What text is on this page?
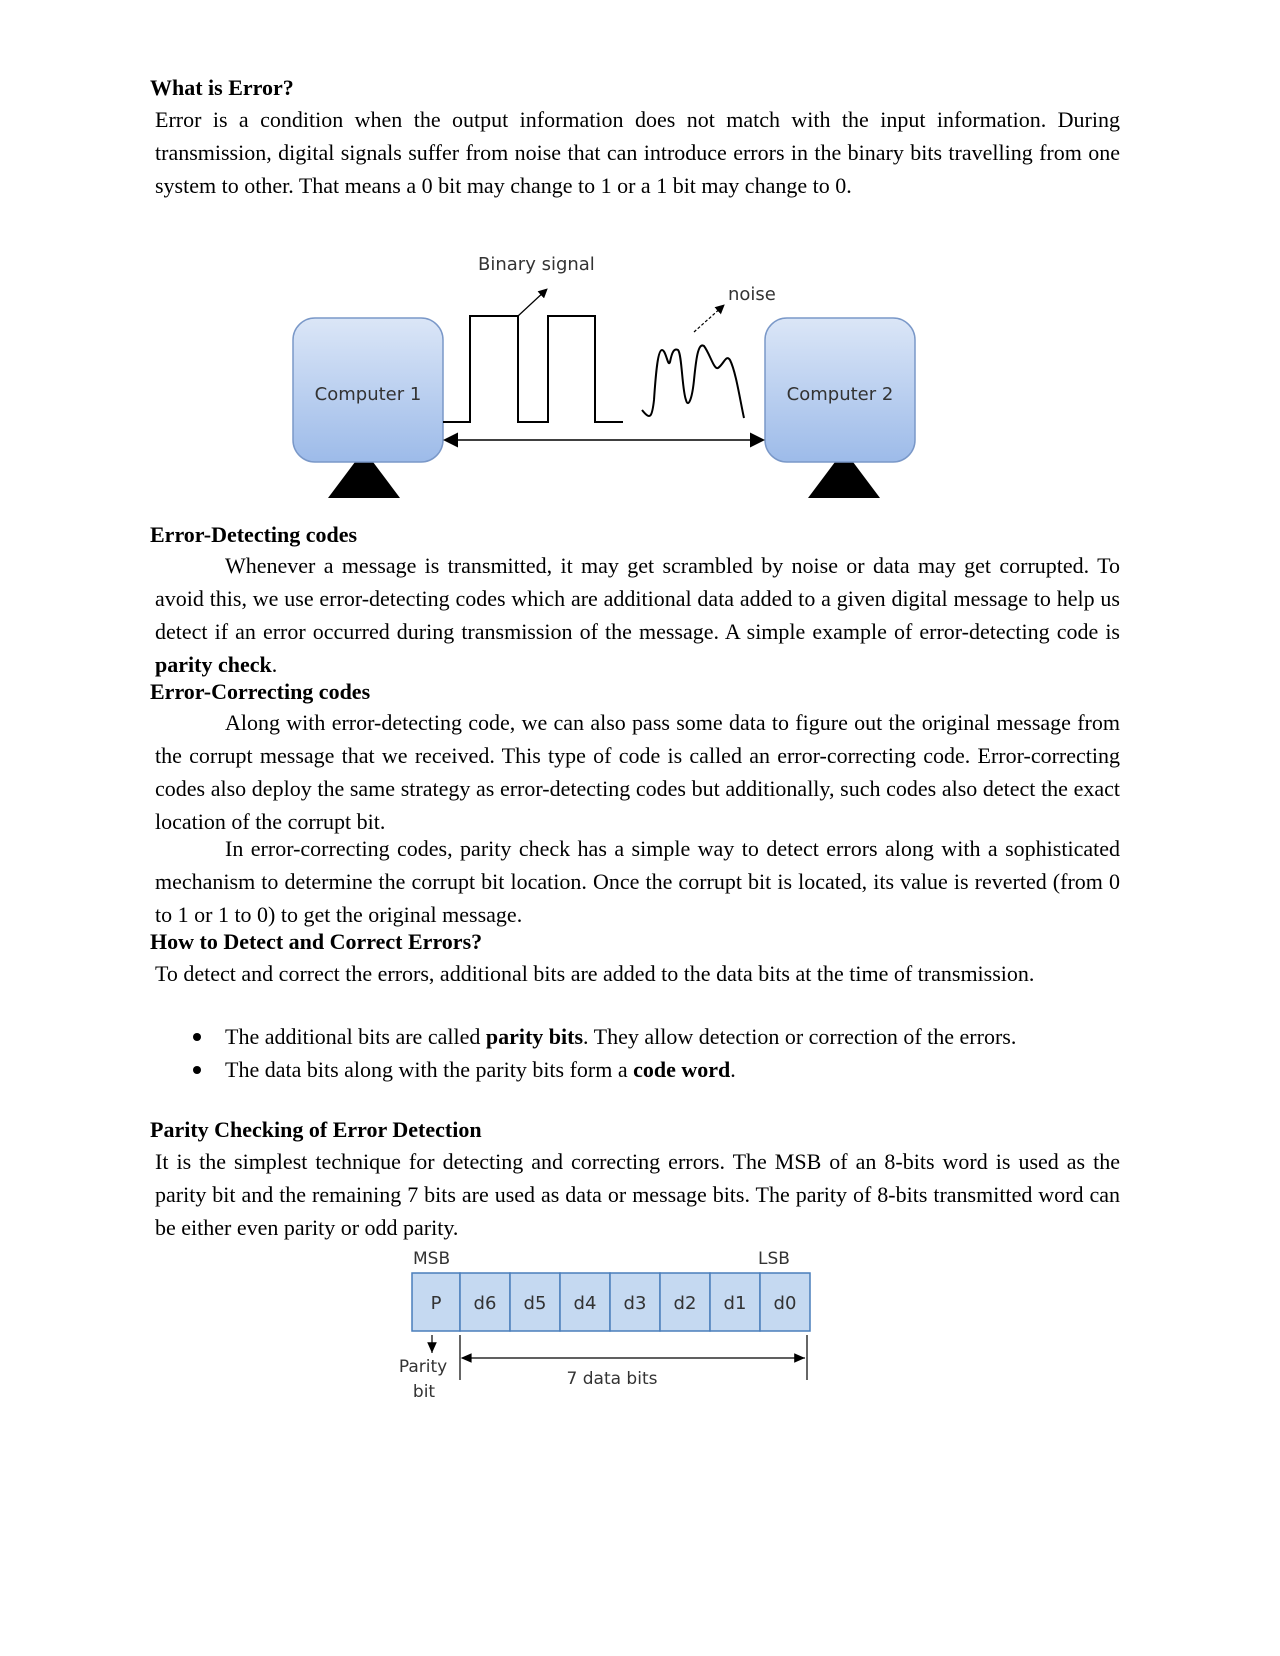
What is Error?

Error is a condition when the output information does not match with the input information. During transmission, digital signals suffer from noise that can introduce errors in the binary bits travelling from one system to other. That means a 0 bit may change to 1 or a 1 bit may change to 0.

Computer 1	Computer 2
Binary signal
noise
Error-Detecting codes

Whenever a message is transmitted, it may get scrambled by noise or data may get corrupted. To avoid this, we use error-detecting codes which are additional data added to a given digital message to help us detect if an error occurred during transmission of the message. A simple example of error-detecting code is parity check.

Error-Correcting codes

Along with error-detecting code, we can also pass some data to figure out the original message from the corrupt message that we received. This type of code is called an error-correcting code. Error-correcting codes also deploy the same strategy as error-detecting codes but additionally, such codes also detect the exact location of the corrupt bit.

In error-correcting codes, parity check has a simple way to detect errors along with a sophisticated mechanism to determine the corrupt bit location. Once the corrupt bit is located, its value is reverted (from 0 to 1 or 1 to 0) to get the original message.

How to Detect and Correct Errors?

To detect and correct the errors, additional bits are added to the data bits at the time of transmission.

The additional bits are called parity bits. They allow detection or correction of the errors.
The data bits along with the parity bits form a code word.
Parity Checking of Error Detection

It is the simplest technique for detecting and correcting errors. The MSB of an 8-bits word is used as the parity bit and the remaining 7 bits are used as data or message bits. The parity of 8-bits transmitted word can be either even parity or odd parity.

MSB	LSB
P d6 d5 d4 d3 d2 d1 d0
Parity
bit
7 data bits
